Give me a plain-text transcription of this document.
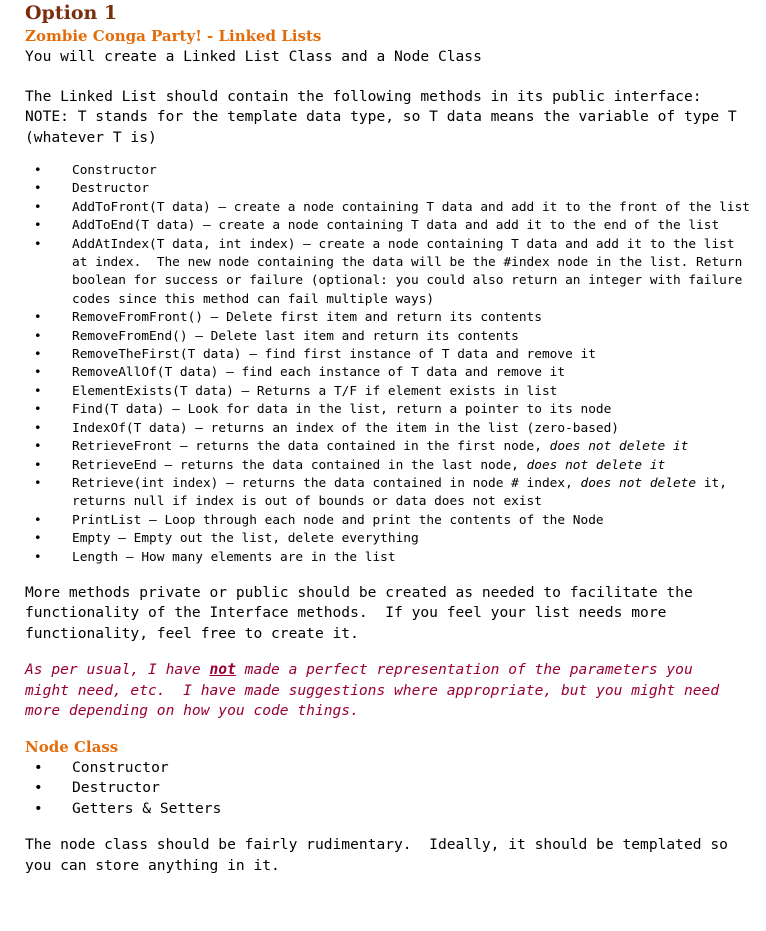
Option 1
Zombie Conga Party! - Linked Lists

You will create a Linked List Class and a Node Class

The Linked List should contain the following methods in its public interface:
NOTE: T stands for the template data type, so T data means the variable of type T
(whatever T is)

• Constructor
• Destructor
• AddToFront(T data) – create a node containing T data and add it to the front of the list
• AddToEnd(T data) – create a node containing T data and add it to the end of the list
• AddAtIndex(T data, int index) – create a node containing T data and add it to the list at index.  The new node containing the data will be the #index node in the list. Return boolean for success or failure (optional: you could also return an integer with failure codes since this method can fail multiple ways)
• RemoveFromFront() – Delete first item and return its contents
• RemoveFromEnd() – Delete last item and return its contents
• RemoveTheFirst(T data) – find first instance of T data and remove it
• RemoveAllOf(T data) – find each instance of T data and remove it
• ElementExists(T data) – Returns a T/F if element exists in list
• Find(T data) – Look for data in the list, return a pointer to its node
• IndexOf(T data) – returns an index of the item in the list (zero-based)
• RetrieveFront – returns the data contained in the first node, does not delete it
• RetrieveEnd – returns the data contained in the last node, does not delete it
• Retrieve(int index) – returns the data contained in node # index, does not delete it, returns null if index is out of bounds or data does not exist
• PrintList – Loop through each node and print the contents of the Node
• Empty – Empty out the list, delete everything
• Length – How many elements are in the list

More methods private or public should be created as needed to facilitate the
functionality of the Interface methods.  If you feel your list needs more
functionality, feel free to create it.

As per usual, I have not made a perfect representation of the parameters you
might need, etc.  I have made suggestions where appropriate, but you might need
more depending on how you code things.

Node Class
• Constructor
• Destructor
• Getters & Setters

The node class should be fairly rudimentary.  Ideally, it should be templated so
you can store anything in it.
